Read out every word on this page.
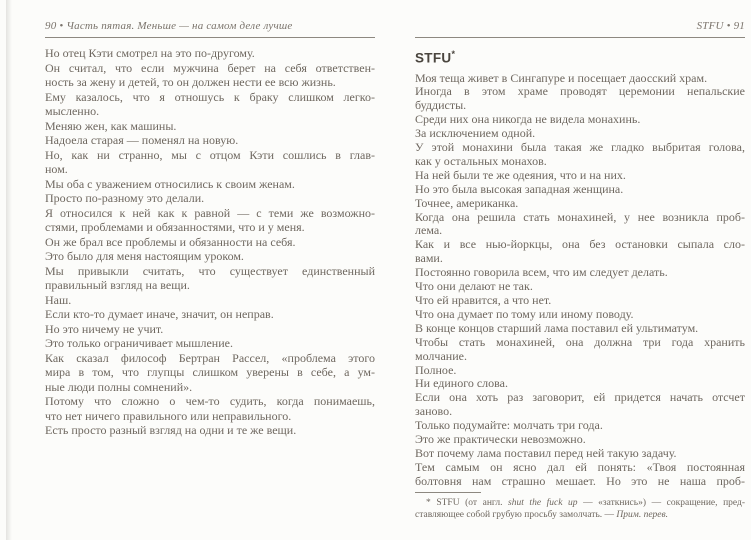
90 • Часть пятая. Меньше — на самом деле лучше
Но отец Кэти смотрел на это по-другому.
Он считал, что если мужчина берет на себя ответствен-
ность за жену и детей, то он должен нести ее всю жизнь.
Ему казалось, что я отношусь к браку слишком легко-
мысленно.
Меняю жен, как машины.
Надоела старая — поменял на новую.
Но, как ни странно, мы с отцом Кэти сошлись в глав-
ном.
Мы оба с уважением относились к своим женам.
Просто по-разному это делали.
Я относился к ней как к равной — с теми же возможно-
стями, проблемами и обязанностями, что и у меня.
Он же брал все проблемы и обязанности на себя.
Это было для меня настоящим уроком.
Мы привыкли считать, что существует единственный
правильный взгляд на вещи.
Наш.
Если кто-то думает иначе, значит, он неправ.
Но это ничему не учит.
Это только ограничивает мышление.
Как сказал философ Бертран Рассел, «проблема этого
мира в том, что глупцы слишком уверены в себе, а ум-
ные люди полны сомнений».
Потому что сложно о чем-то судить, когда понимаешь,
что нет ничего правильного или неправильного.
Есть просто разный взгляд на одни и те же вещи.
STFU • 91
STFU*
Моя теща живет в Сингапуре и посещает даосский храм.
Иногда в этом храме проводят церемонии непальские
буддисты.
Среди них она никогда не видела монахинь.
За исключением одной.
У этой монахини была такая же гладко выбритая голова,
как у остальных монахов.
На ней были те же одеяния, что и на них.
Но это была высокая западная женщина.
Точнее, американка.
Когда она решила стать монахиней, у нее возникла проб-
лема.
Как и все нью-йоркцы, она без остановки сыпала сло-
вами.
Постоянно говорила всем, что им следует делать.
Что они делают не так.
Что ей нравится, а что нет.
Что она думает по тому или иному поводу.
В конце концов старший лама поставил ей ультиматум.
Чтобы стать монахиней, она должна три года хранить
молчание.
Полное.
Ни единого слова.
Если она хоть раз заговорит, ей придется начать отсчет
заново.
Только подумайте: молчать три года.
Это же практически невозможно.
Вот почему лама поставил перед ней такую задачу.
Тем самым он ясно дал ей понять: «Твоя постоянная
болтовня нам страшно мешает. Но это не наша проб-
* STFU (от англ. shut the fuck up — «заткнись») — сокращение, пред-
ставляющее собой грубую просьбу замолчать. — Прим. перев.
